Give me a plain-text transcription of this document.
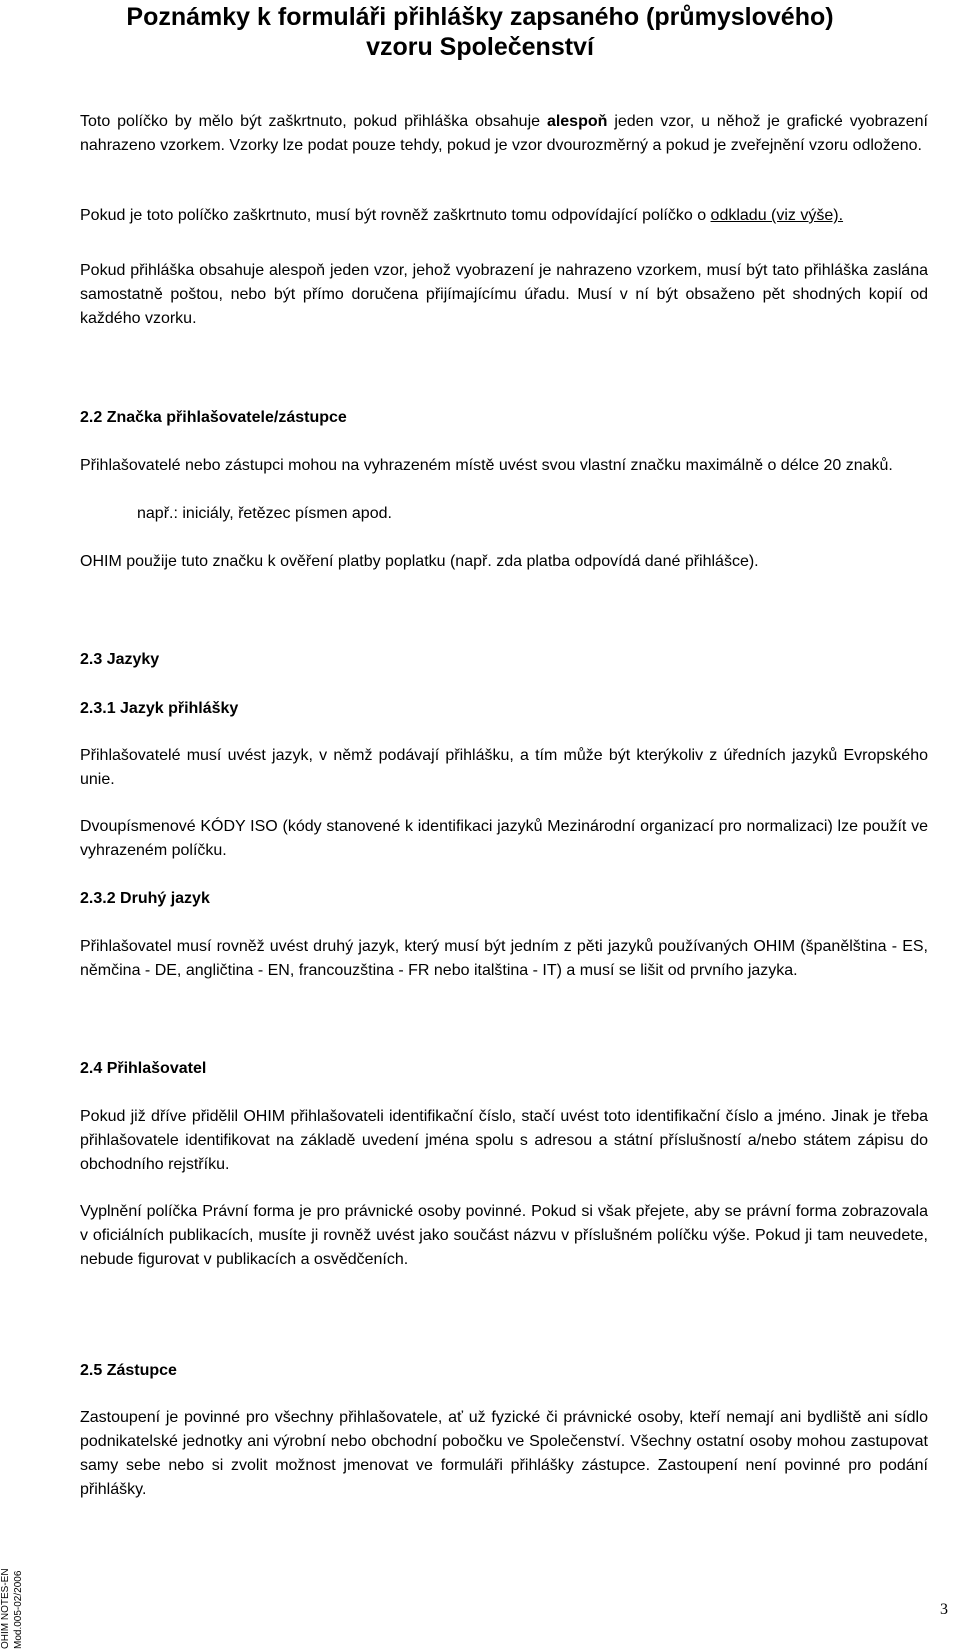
Poznámky k formuláři přihlášky zapsaného (průmyslového)
vzoru Společenství

Toto políčko by mělo být zaškrtnuto, pokud přihláška obsahuje alespoň jeden vzor, u něhož je grafické vyobrazení nahrazeno vzorkem. Vzorky lze podat pouze tehdy, pokud je vzor dvourozměrný a pokud je zveřejnění vzoru odloženo.

Pokud je toto políčko zaškrtnuto, musí být rovněž zaškrtnuto tomu odpovídající políčko o odkladu (viz výše).

Pokud přihláška obsahuje alespoň jeden vzor, jehož vyobrazení je nahrazeno vzorkem, musí být tato přihláška zaslána samostatně poštou, nebo být přímo doručena přijímajícímu úřadu. Musí v ní být obsaženo pět shodných kopií od každého vzorku.

2.2 Značka přihlašovatele/zástupce

Přihlašovatelé nebo zástupci mohou na vyhrazeném místě uvést svou vlastní značku maximálně o délce 20 znaků.

např.: iniciály, řetězec písmen apod.

OHIM použije tuto značku k ověření platby poplatku (např. zda platba odpovídá dané přihlášce).

2.3 Jazyky

2.3.1 Jazyk přihlášky

Přihlašovatelé musí uvést jazyk, v němž podávají přihlášku, a tím může být kterýkoliv z úředních jazyků Evropského unie.

Dvoupísmenové KÓDY ISO (kódy stanovené k identifikaci jazyků Mezinárodní organizací pro normalizaci) lze použít ve vyhrazeném políčku.

2.3.2 Druhý jazyk

Přihlašovatel musí rovněž uvést druhý jazyk, který musí být jedním z pěti jazyků používaných OHIM (španělština - ES, němčina - DE, angličtina - EN, francouzština - FR nebo italština - IT) a musí se lišit od prvního jazyka.

2.4 Přihlašovatel

Pokud již dříve přidělil OHIM přihlašovateli identifikační číslo, stačí uvést toto identifikační číslo a jméno. Jinak je třeba přihlašovatele identifikovat na základě uvedení jména spolu s adresou a státní příslušností a/nebo státem zápisu do obchodního rejstříku.

Vyplnění políčka Právní forma je pro právnické osoby povinné. Pokud si však přejete, aby se právní forma zobrazovala v oficiálních publikacích, musíte ji rovněž uvést jako součást názvu v příslušném políčku výše. Pokud ji tam neuvedete, nebude figurovat v publikacích a osvědčeních.

2.5 Zástupce

Zastoupení je povinné pro všechny přihlašovatele, ať už fyzické či právnické osoby, kteří nemají ani bydliště ani sídlo podnikatelské jednotky ani výrobní nebo obchodní pobočku ve Společenství. Všechny ostatní osoby mohou zastupovat samy sebe nebo si zvolit možnost jmenovat ve formuláři přihlášky zástupce. Zastoupení není povinné pro podání přihlášky.

OHIM NOTES-EN Mod.005-02/2006	3
